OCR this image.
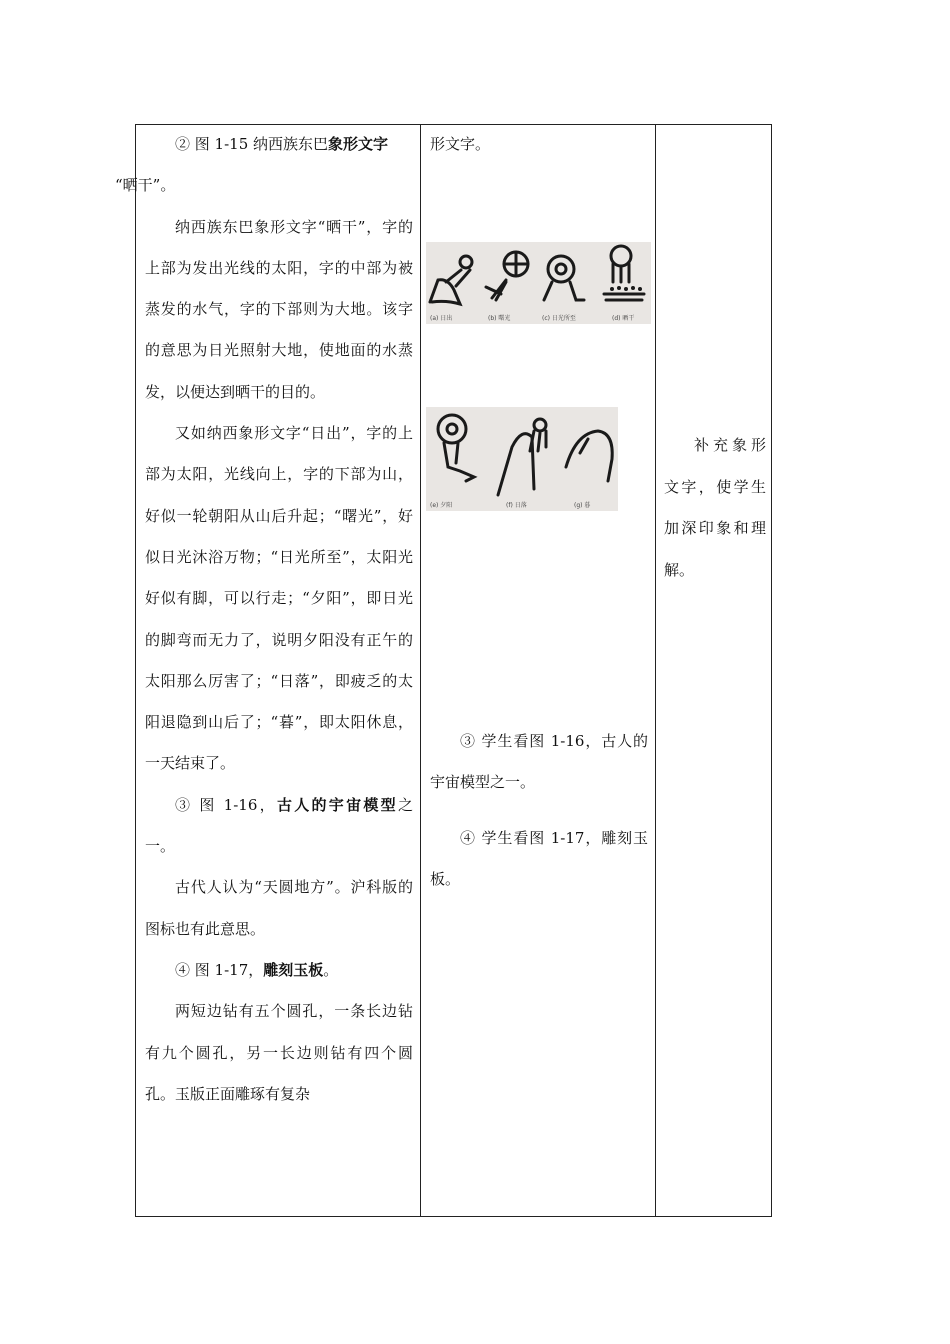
② 图 1-15 纳西族东巴象形文字
“晒干”。

纳西族东巴象形文字“晒干”，字的上部为发出光线的太阳，字的中部为被蒸发的水气，字的下部则为大地。该字的意思为日光照射大地，使地面的水蒸发，以便达到晒干的目的。

又如纳西象形文字“日出”，字的上部为太阳，光线向上，字的下部为山，好似一轮朝阳从山后升起；“曙光”，好似日光沐浴万物；“日光所至”，太阳光好似有脚，可以行走；“夕阳”，即日光的脚弯而无力了，说明夕阳没有正午的太阳那么厉害了；“日落”，即疲乏的太阳退隐到山后了；“暮”，即太阳休息，一天结束了。

③ 图 1-16，古人的宇宙模型之一。

古代人认为“天圆地方”。沪科版的图标也有此意思。

④ 图 1-17，雕刻玉板。

两短边钻有五个圆孔，一条长边钻有九个圆孔，另一长边则钻有四个圆孔。玉版正面雕琢有复杂

形文字。

(a) 日出	(b) 曙光	(c) 日光所至	(d) 晒干
(e) 夕阳	(f) 日落	(g) 暮

③ 学生看图 1-16，古人的宇宙模型之一。

④ 学生看图 1-17，雕刻玉板。

补充象形文字，使学生加深印象和理解。
